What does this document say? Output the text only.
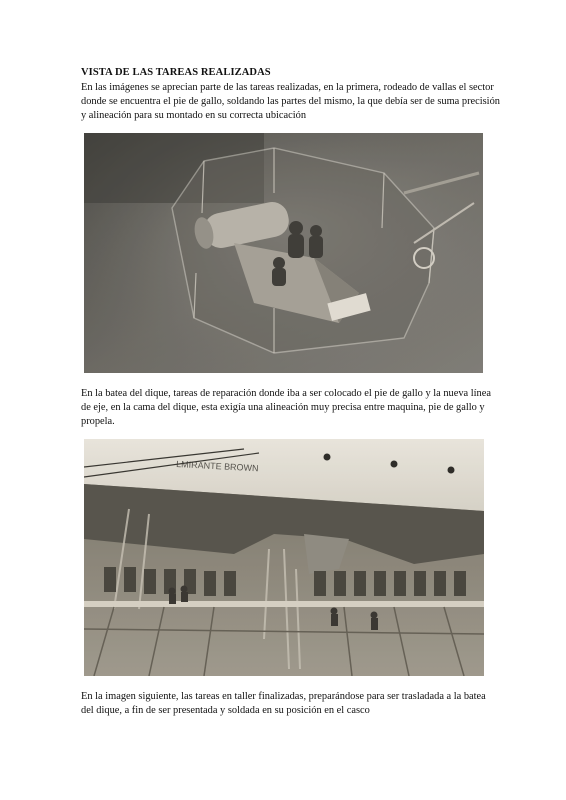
VISTA DE LAS TAREAS REALIZADAS

En las imágenes se aprecian parte de las tareas realizadas, en la primera, rodeado de vallas el sector donde se encuentra el pie de gallo, soldando las partes del mismo, la que debía ser de suma precisión y alineación para su montado en su correcta ubicación

En la batea del dique, tareas de reparación donde iba a ser colocado el pie de gallo y la nueva línea de eje, en la cama del dique, esta exigía una alineación muy precisa entre maquina, pie de gallo y propela.

LMIRANTE BROWN

En la imagen siguiente, las tareas en taller finalizadas, preparándose para ser trasladada a la batea del dique, a fin de ser presentada y soldada en su posición en el casco
